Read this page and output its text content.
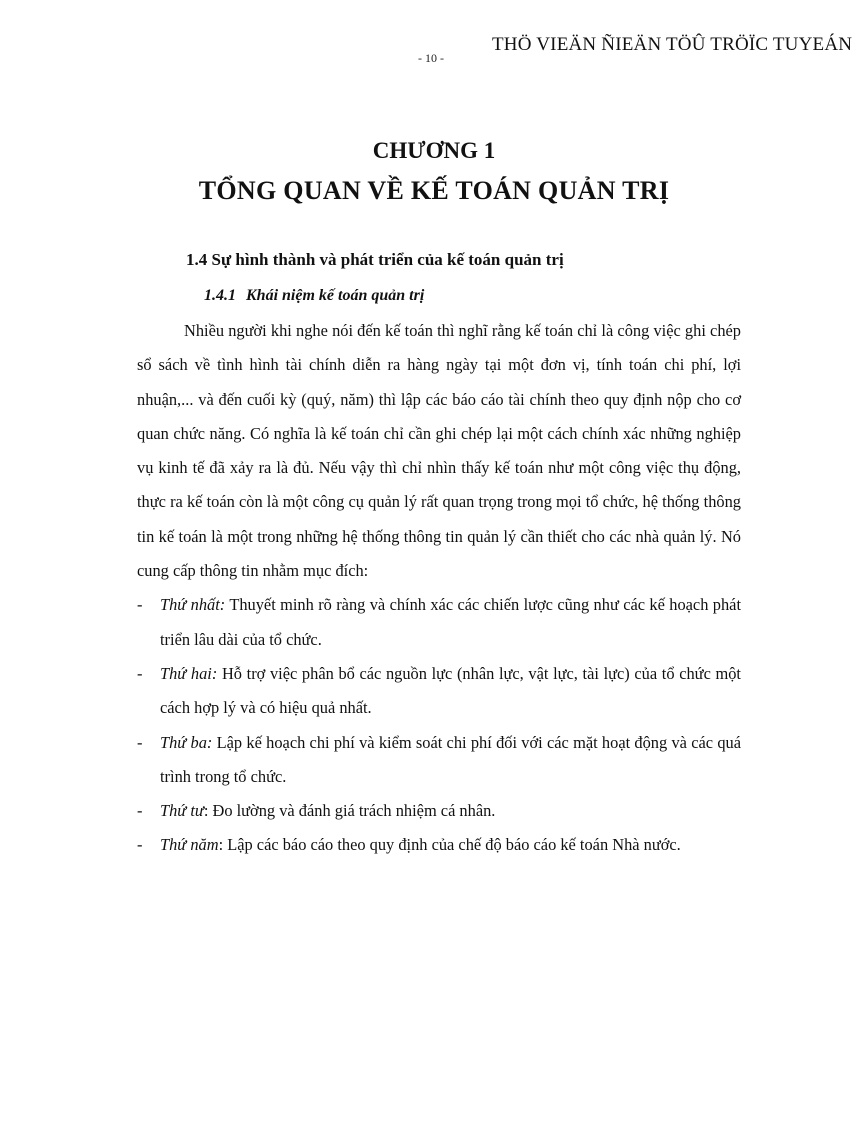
THÖ VIEÄN ÑIEÄN TÖÛ TRÖÏC TUYEÁN
- 10 -
CHƯƠNG 1
TỔNG QUAN VỀ KẾ TOÁN QUẢN TRỊ
1.4 Sự hình thành và phát triển của kế toán quản trị
1.4.1 Khái niệm kế toán quản trị

Nhiều người khi nghe nói đến kế toán thì nghĩ rằng kế toán chỉ là công việc ghi chép sổ sách về tình hình tài chính diễn ra hàng ngày tại một đơn vị, tính toán chi phí, lợi nhuận,... và đến cuối kỳ (quý, năm) thì lập các báo cáo tài chính theo quy định nộp cho cơ quan chức năng. Có nghĩa là kế toán chỉ cần ghi chép lại một cách chính xác những nghiệp vụ kinh tế đã xảy ra là đủ. Nếu vậy thì chỉ nhìn thấy kế toán như một công việc thụ động, thực ra kế toán còn là một công cụ quản lý rất quan trọng trong mọi tổ chức, hệ thống thông tin kế toán là một trong những hệ thống thông tin quản lý cần thiết cho các nhà quản lý. Nó cung cấp thông tin nhằm mục đích:

- Thứ nhất: Thuyết minh rõ ràng và chính xác các chiến lược cũng như các kế hoạch phát triển lâu dài của tổ chức.
- Thứ hai: Hỗ trợ việc phân bổ các nguồn lực (nhân lực, vật lực, tài lực) của tổ chức một cách hợp lý và có hiệu quả nhất.
- Thứ ba: Lập kế hoạch chi phí và kiểm soát chi phí đối với các mặt hoạt động và các quá trình trong tổ chức.
- Thứ tư: Đo lường và đánh giá trách nhiệm cá nhân.
- Thứ năm: Lập các báo cáo theo quy định của chế độ báo cáo kế toán Nhà nước.
